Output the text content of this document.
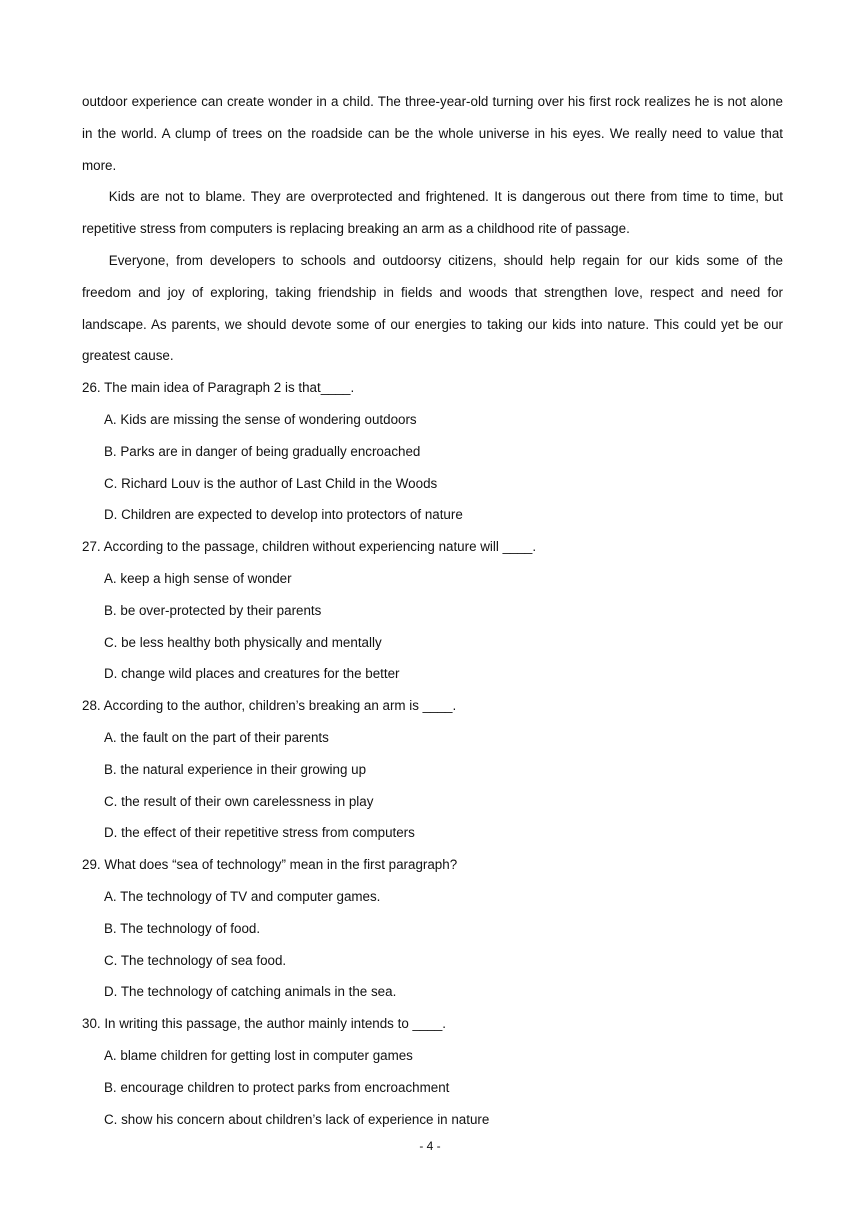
outdoor experience can create wonder in a child. The three-year-old turning over his first rock realizes he is not alone in the world. A clump of trees on the roadside can be the whole universe in his eyes. We really need to value that more.

Kids are not to blame. They are overprotected and frightened. It is dangerous out there from time to time, but repetitive stress from computers is replacing breaking an arm as a childhood rite of passage.

Everyone, from developers to schools and outdoorsy citizens, should help regain for our kids some of the freedom and joy of exploring, taking friendship in fields and woods that strengthen love, respect and need for landscape. As parents, we should devote some of our energies to taking our kids into nature. This could yet be our greatest cause.

26. The main idea of Paragraph 2 is that____.

A. Kids are missing the sense of wondering outdoors

B. Parks are in danger of being gradually encroached

C. Richard Louv is the author of Last Child in the Woods

D. Children are expected to develop into protectors of nature

27. According to the passage, children without experiencing nature will ____.

A. keep a high sense of wonder

B. be over-protected by their parents

C. be less healthy both physically and mentally

D. change wild places and creatures for the better

28. According to the author, children’s breaking an arm is ____.

A. the fault on the part of their parents

B. the natural experience in their growing up

C. the result of their own carelessness in play

D. the effect of their repetitive stress from computers

29. What does “sea of technology” mean in the first paragraph?

A. The technology of TV and computer games.

B. The technology of food.

C. The technology of sea food.

D. The technology of catching animals in the sea.

30. In writing this passage, the author mainly intends to ____.

A. blame children for getting lost in computer games

B. encourage children to protect parks from encroachment

C. show his concern about children’s lack of experience in nature

- 4 -
